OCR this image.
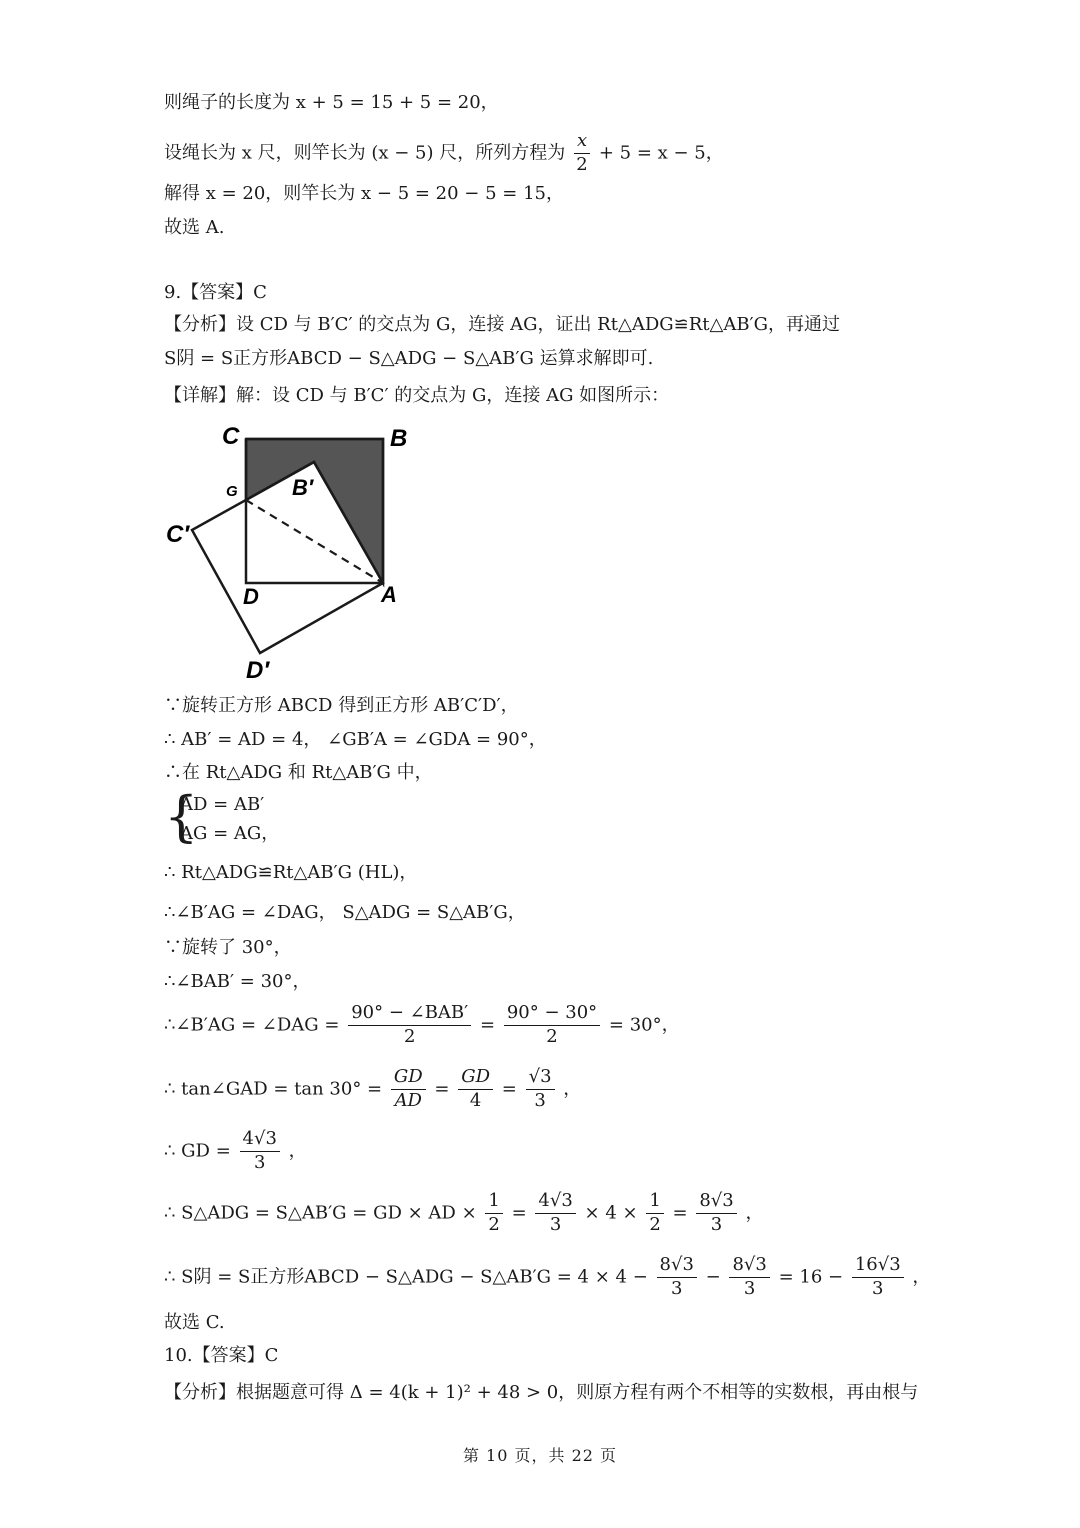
则绳子的长度为 x + 5 = 15 + 5 = 20，
设绳长为 x 尺，则竿长为 (x − 5) 尺，所列方程为 $\frac{x}{2} + 5 = x - 5$，
解得 x = 20，则竿长为 x − 5 = 20 − 5 = 15，
故选 A.
9.【答案】C
【分析】设 CD 与 B′C′ 的交点为 G，连接 AG，证出 Rt△ADG≌Rt△AB′G，再通过
S阴 = S正方形ABCD − S△ADG − S△AB′G 运算求解即可.
【详解】解：设 CD 与 B′C′ 的交点为 G，连接 AG 如图所示：
C	B
G B′
C′
D	A
D′
∵旋转正方形 ABCD 得到正方形 AB′C′D′，
∴ AB′ = AD = 4， ∠GB′A = ∠GDA = 90°，
∴在 Rt△ADG 和 Rt△AB′G 中，
{
AD = AB′
AG = AG，
∴ Rt△ADG≌Rt△AB′G (HL)，
∴∠B′AG = ∠DAG， S△ADG = S△AB′G，
∵旋转了 30°，
∴∠BAB′ = 30°，
∴∠B′AG = ∠DAG = $\frac{\text{90° − ∠BAB′}}{2} = \frac{90^\circ - 30^\circ}{2} = 30^\circ$，
∴ tan∠GAD = $\tan 30^\circ = \frac{GD}{AD} = \frac{GD}{4} = \frac{√3}{3}$ ，
∴ GD = $\frac{4√3}{3}$ ，
∴ S△ADG = S△AB′G = GD × AD × $\frac{1}{2} = \frac{4√3}{3} \times 4 \times \frac{1}{2} = \frac{8√3}{3}$ ，
∴ S阴 = S正方形ABCD − S△ADG − S△AB′G = $4 \times 4 - \frac{8√3}{3} - \frac{8√3}{3} = 16 - \frac{16√3}{3}$ ，
故选 C.
10.【答案】C
【分析】根据题意可得 Δ = 4(k + 1)² + 48 > 0，则原方程有两个不相等的实数根，再由根与
第 10 页，共 22 页
